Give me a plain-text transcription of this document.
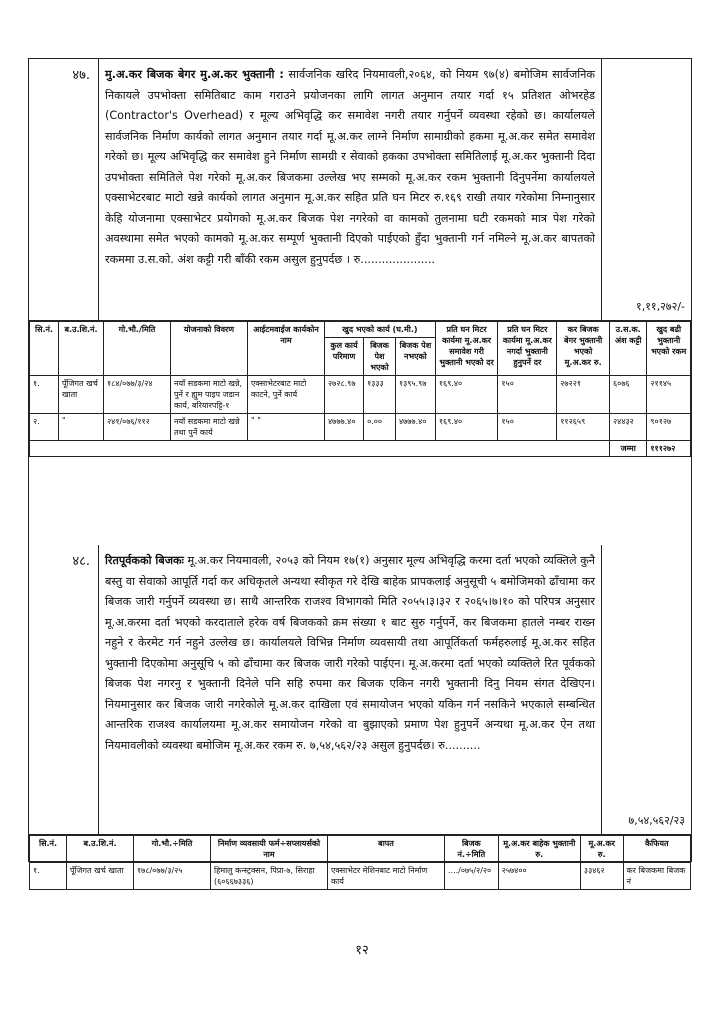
४७. मु.अ.कर बिजक बेगर मु.अ.कर भुक्तानी : सार्वजनिक खरिद नियमावली,२०६४, को नियम ९७(४) बमोजिम सार्वजनिक निकायले उपभोक्ता समितिबाट काम गराउने प्रयोजनका लागि लागत अनुमान तयार गर्दा १५ प्रतिशत ओभरहेड (Contractor's Overhead) र मूल्य अभिवृद्धि कर समावेश नगरी तयार गर्नुपर्ने व्यवस्था रहेको छ। कार्यालयले सार्वजनिक निर्माण कार्यको लागत अनुमान तयार गर्दा मू.अ.कर लाग्ने निर्माण सामाग्रीको हकमा मू.अ.कर समेत समावेश गरेको छ। मूल्य अभिवृद्धि कर समावेश हुने निर्माण सामग्री र सेवाको हकका उपभोक्ता समितिलाई मू.अ.कर भुक्तानी दिदा उपभोक्ता समितिले पेश गरेको मू.अ.कर बिजकमा उल्लेख भए सम्मको मू.अ.कर रकम भुक्तानी दिनुपर्नेमा कार्यालयले एक्साभेटरबाट माटो खन्ने कार्यको लागत अनुमान मू.अ.कर सहित प्रति घन मिटर रु.१६९ राखी तयार गरेकोमा निम्नानुसार केहि योजनामा एक्साभेटर प्रयोगको मू.अ.कर बिजक पेश नगरेको वा कामको तुलनामा घटी रकमको मात्र पेश गरेको अवस्थामा समेत भएको कामको मू.अ.कर सम्पूर्ण भुक्तानी दिएको पाईएको हुँदा भुक्तानी गर्न नमिल्ने मू.अ.कर बापतको रकममा उ.स.को. अंश कट्टी गरी बाँकी रकम असुल हुनुपर्दछ । रु.....................
१,११,२७२/-
सि.नं.	ब.उ.शि.नं.	गो.भौ./मिति	योजनाको विवरण	आईटमवाईज कार्यकोन नाम	खुद भएको कार्य (घ.मी.)			प्रति घन मिटर कार्यमा मू.अ.कर समावेश गरी भुक्तानी भएको दर	प्रति घन मिटर कार्यमा मू.अ.कर नगर्दा भुक्तानी हुनुपर्ने दर	कर बिजक बेगर भुक्तानी भएको मू.अ.कर रु.	उ.स.क. अंश कट्टी	खुद बढी भुक्तानी भएको रकम
					कुल कार्य परिमाण	बिजक पेश भएको	बिजक पेश नभएको					
१.	पूँजिगत खर्च खाता	१८४/०७७/३/२४	नयाँ सडकमा माटो खन्ने, पुनें र ह्युम पाइप जडान कार्य, बरियारपट्टि-१	एक्साभेटरबाट माटो काटने, पुर्ने कार्य	२७२८.९७	१३३३	१३९५.९७	१६९.४०	१५०	२७२२१	६०७६	२११४५
२.	"	२४१/०७६/११२	नयाँ सडकमा माटो खन्ने तथा पुर्ने कार्य	" "	४७७७.४०	०.००	४७७७.४०	१६९.४०	१५०	११२६५९	२४४३२	९०१२७
											जम्मा	१११२७२
४८. रितपूर्वकको बिजकः मू.अ.कर नियमावली, २०५३ को नियम १७(१) अनुसार मूल्य अभिवृद्धि करमा दर्ता भएको व्यक्तिले कुनै बस्तु वा सेवाको आपूर्ति गर्दा कर अधिकृतले अन्यथा स्वीकृत गरे देखि बाहेक प्रापकलाई अनुसूची ५ बमोजिमको ढाँचामा कर बिजक जारी गर्नुपर्ने व्यवस्था छ। साथै आन्तरिक राजश्व विभागको मिति २०५५।३।३२ र २०६५।७।१० को परिपत्र अनुसार मू.अ.करमा दर्ता भएको करदाताले हरेक वर्ष बिजकको क्रम संख्या १ बाट सुरु गर्नुपर्ने, कर बिजकमा हातले नम्बर राख्न नहुने र केरमेट गर्न नहुने उल्लेख छ। कार्यालयले विभिन्न निर्माण व्यवसायी तथा आपूर्तिकर्ता फर्महरुलाई मू.अ.कर सहित भुक्तानी दिएकोमा अनुसूचि ५ को ढाँचामा कर बिजक जारी गरेको पाईएन। मू.अ.करमा दर्ता भएको व्यक्तिले रित पूर्वकको बिजक पेश नगरनु र भुक्तानी दिनेले पनि सहि रुपमा कर बिजक एकिन नगरी भुक्तानी दिनु नियम संगत देखिएन। नियमानुसार कर बिजक जारी नगरेकोले मू.अ.कर दाखिला एवं समायोजन भएको यकिन गर्न नसकिने भएकाले सम्बन्धित आन्तरिक राजश्व कार्यालयमा मू.अ.कर समायोजन गरेको वा बुझाएको प्रमाण पेश हुनुपर्ने अन्यथा मू.अ.कर ऐन तथा नियमावलीको व्यवस्था बमोजिम मू.अ.कर रकम रु. ७,५४,५६२/२३ असुल हुनुपर्दछ। रु..........
७,५४,५६२/२३
सि.नं.	ब.उ.शि.नं.	गो.भौ.÷मिति	निर्माण व्यवसायी फर्म÷सप्लायर्सको नाम	बापत	बिजक नं.÷मिति	मू.अ.कर बाहेक भुक्तानी रु.	मू.अ.कर रु.	कैफियत
१.	पूँजिगत खर्च खाता	१७८/०७७/३/२५	हिमालु कन्स्ट्रक्सन, पिप्रा-७, सिराहा (६०६६७३३६)	एक्साभेटर मेशिनबाट माटो निर्माण कार्य	..../०७५/२/२०	२५७४००	३३४६२	कर बिजकमा बिजक नं
१२
